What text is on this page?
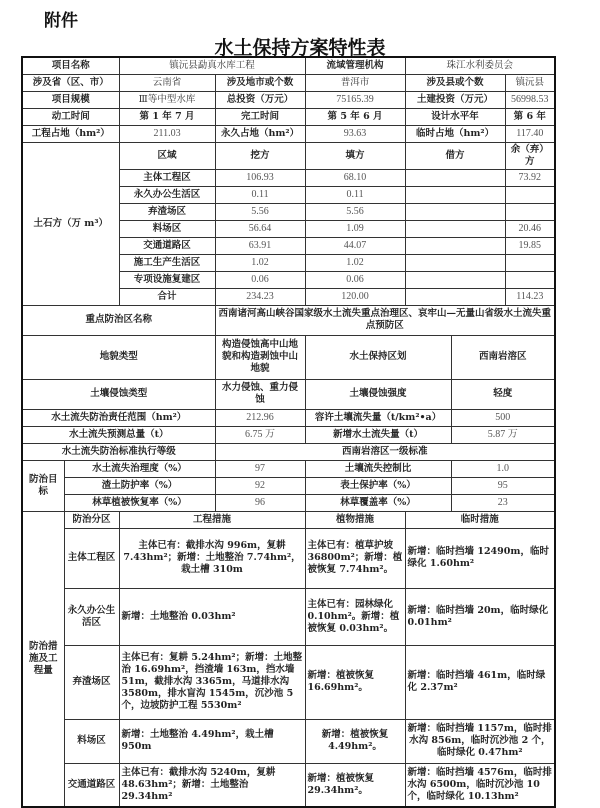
附件
水土保持方案特性表
项目名称		镇沅县勐真水库工程		流域管理机构	珠江水利委员会		
涉及省（区、市）		云南省	涉及地市或个数	普洱市	涉及县或个数		镇沅县
项目规模		Ⅲ等中型水库	总投资（万元）	75165.39	土建投资（万元）		56998.53
动工时间		第 1 年 7 月	完工时间	第 5 年 6 月	设计水平年		第 6 年
工程占地（hm²）		211.03	永久占地（hm²）	93.63	临时占地（hm²）		117.40
土石方（万 m³）		区域	挖方	填方	借方		余（弃）方
		主体工程区	106.93	68.10			73.92
		永久办公生活区	0.11	0.11			
		弃渣场区	5.56	5.56			
		料场区	56.64	1.09			20.46
		交通道路区	63.91	44.07			19.85
		施工生产生活区	1.02	1.02			
		专项设施复建区	0.06	0.06			
		合计	234.23	120.00			114.23
重点防治区名称			西南诸河高山峡谷国家级水土流失重点治理区、哀牢山—无量山省级水土流失重点预防区				
地貌类型			构造侵蚀高中山地貌和构造剥蚀中山地貌	水土保持区划		西南岩溶区	
土壤侵蚀类型			水力侵蚀、重力侵蚀	土壤侵蚀强度		轻度	
水土流失防治责任范围（hm²）			212.96	容许土壤流失量（t/km²•a）		500	
水土流失预测总量（t）			6.75 万	新增水土流失量（t）		5.87 万	
水土流失防治标准执行等级			西南岩溶区一级标准				
防治目标	水土流失治理度（%）		97	土壤流失控制比		1.0	
	渣土防护率（%）		92	表土保护率（%）		95	
	林草植被恢复率（%）		96	林草覆盖率（%）		23	
防治措施及工程量	防治分区	工程措施		植物措施	临时措施		
	主体工程区	主体已有：截排水沟 996m，复耕 7.43hm²；新增：土地整治 7.74hm²，栽土槽 310m		主体已有：植草护坡 36800m²；新增：植被恢复 7.74hm²。	新增：临时挡墙 12490m，临时绿化 1.60hm²		
	永久办公生活区	新增：土地整治 0.03hm²		主体已有：园林绿化 0.10hm²。新增：植被恢复 0.03hm²。	新增：临时挡墙 20m，临时绿化 0.01hm²		
	弃渣场区	主体已有：复耕 5.24hm²；新增：土地整治 16.69hm²，挡渣墙 163m，挡水墙 51m，截排水沟 3365m，马道排水沟 3580m，排水盲沟 1545m，沉沙池 5 个，边坡防护工程 5530m²		新增：植被恢复 16.69hm²。	新增：临时挡墙 461m，临时绿化 2.37m²		
	料场区	新增：土地整治 4.49hm²，栽土槽 950m		新增：植被恢复 4.49hm²。	新增：临时挡墙 1157m，临时排水沟 856m，临时沉沙池 2 个，临时绿化 0.47hm²		
	交通道路区	主体已有：截排水沟 5240m，复耕 48.63hm²；新增：土地整治 29.34hm²		新增：植被恢复 29.34hm²。	新增：临时挡墙 4576m，临时排水沟 6500m，临时沉沙池 10 个，临时绿化 10.13hm²		
